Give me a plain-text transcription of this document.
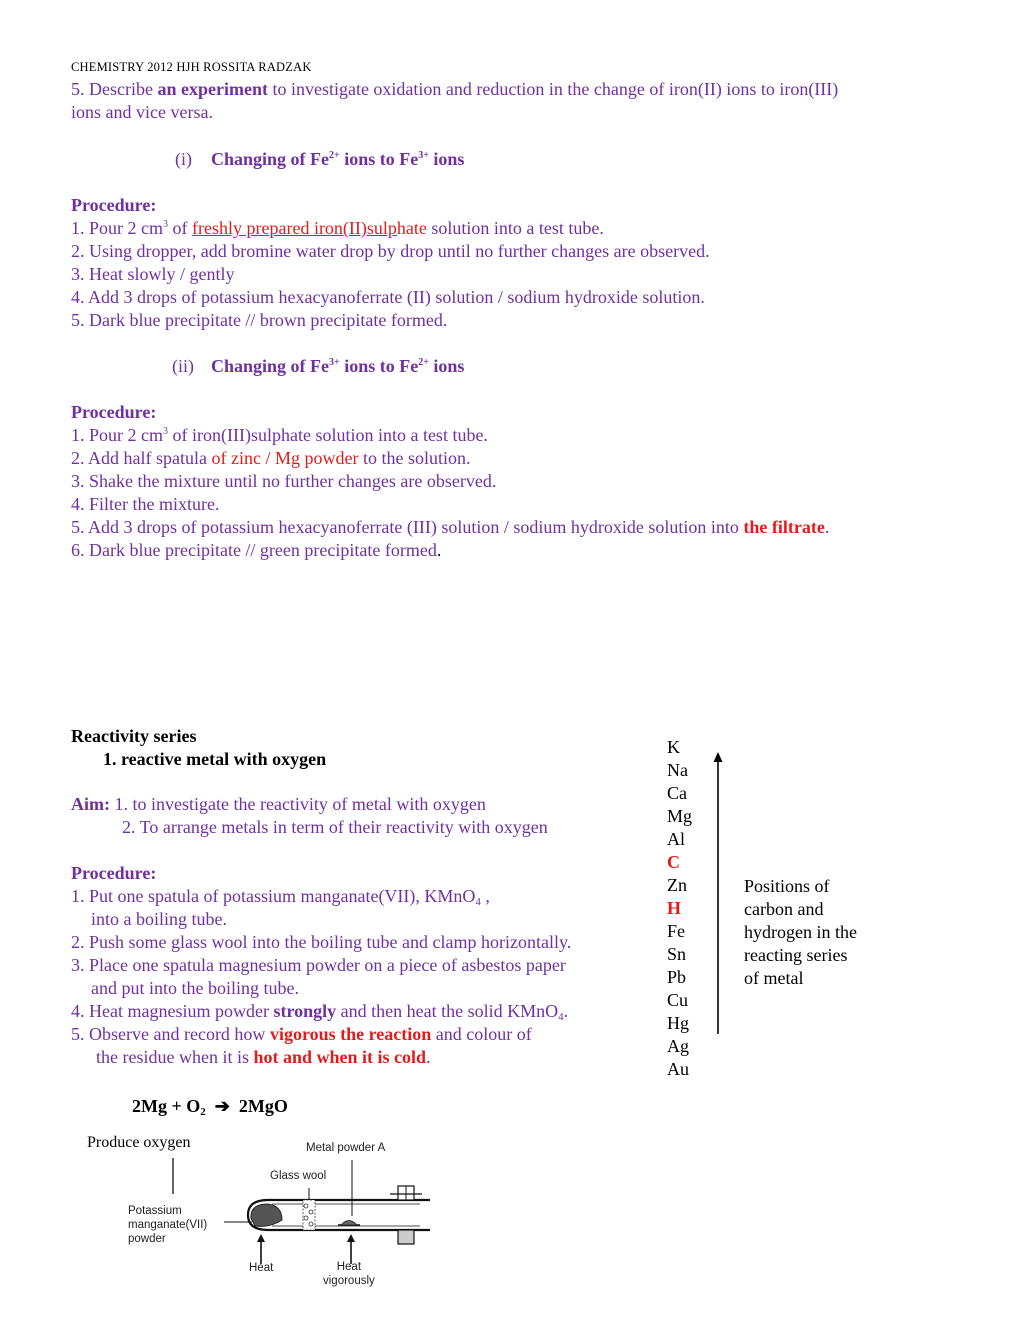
CHEMISTRY 2012 HJH ROSSITA RADZAK
5. Describe an experiment to investigate oxidation and reduction in the change of iron(II) ions to iron(III)
ions and vice versa.
(i) Changing of $Fe^{2+}$ ions to $Fe^{3+}$ ions
Procedure:
1. Pour 2 $cm^3$ of freshly prepared iron(II)sulphate solution into a test tube.
2. Using dropper, add bromine water drop by drop until no further changes are observed.
3. Heat slowly / gently
4. Add 3 drops of potassium hexacyanoferrate (II) solution / sodium hydroxide solution.
5. Dark blue precipitate // brown precipitate formed.
(ii) Changing of $Fe^{3+}$ ions to $Fe^{2+}$ ions
Procedure:
1. Pour 2 $cm^3$ of iron(III)sulphate solution into a test tube.
2. Add half spatula of zinc / Mg powder to the solution.
3. Shake the mixture until no further changes are observed.
4. Filter the mixture.
5. Add 3 drops of potassium hexacyanoferrate (III) solution / sodium hydroxide solution into the filtrate.
6. Dark blue precipitate // green precipitate formed.
Reactivity series
1. reactive metal with oxygen
Aim: 1. to investigate the reactivity of metal with oxygen
2. To arrange metals in term of their reactivity with oxygen
Procedure:
1. Put one spatula of potassium manganate(VII), KMnO$_4$ ,
into a boiling tube.
2. Push some glass wool into the boiling tube and clamp horizontally.
3. Place one spatula magnesium powder on a piece of asbestos paper
and put into the boiling tube.
4. Heat magnesium powder strongly and then heat the solid KMnO$_4$.
5. Observe and record how vigorous the reaction and colour of
the residue when it is hot and when it is cold.
$2Mg + O_2$ ➔ 2MgO
K
Na
Ca
Mg
Al
C
Zn
H
Fe
Sn
Pb
Cu
Hg
Ag
Au
Positions of
carbon and
hydrogen in the
reacting series
of metal
Produce oxygen	Metal powder A
Glass wool
Potassium
manganate(VII)
powder
Heat	Heat
vigorously
